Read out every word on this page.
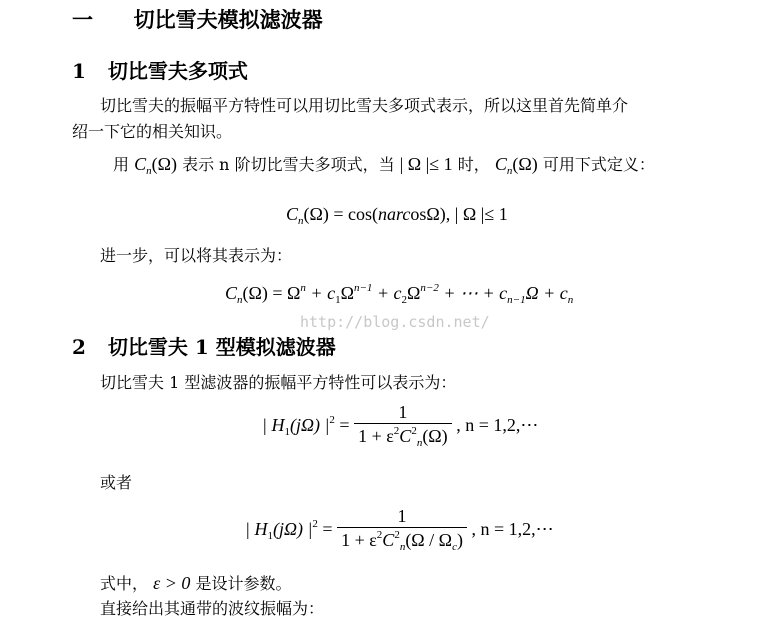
一 切比雪夫模拟滤波器
1 切比雪夫多项式
切比雪夫的振幅平方特性可以用切比雪夫多项式表示，所以这里首先简单介
绍一下它的相关知识。
用 $C_n(\Omega)$ 表示 n 阶切比雪夫多项式，当 | Ω |≤ 1 时， $C_n(\Omega)$ 可用下式定义：
$C_n(\Omega) = \cos(narcos\Omega)$, | Ω |≤ 1
进一步，可以将其表示为：
$C_n(\Omega) = \Omega^n + c_1\Omega^{n-1} + c_2\Omega^{n-2}$ + ⋯ + $c_{n-1}\Omega + c_n$
http://blog.csdn.net/
2 切比雪夫 1 型模拟滤波器
切比雪夫 1 型滤波器的振幅平方特性可以表示为：
| $H_1(j\Omega) |^2 = \frac{1}{1 + \varepsilon^2C^2_n(\Omega)}$ , n = 1,2,⋯
或者
| $H_1(j\Omega) |^2 = \frac{1}{1 + \varepsilon^2C^2_n(\Omega / \Omega_c)}$ , n = 1,2,⋯
式中， ε > 0 是设计参数。
直接给出其通带的波纹振幅为：
